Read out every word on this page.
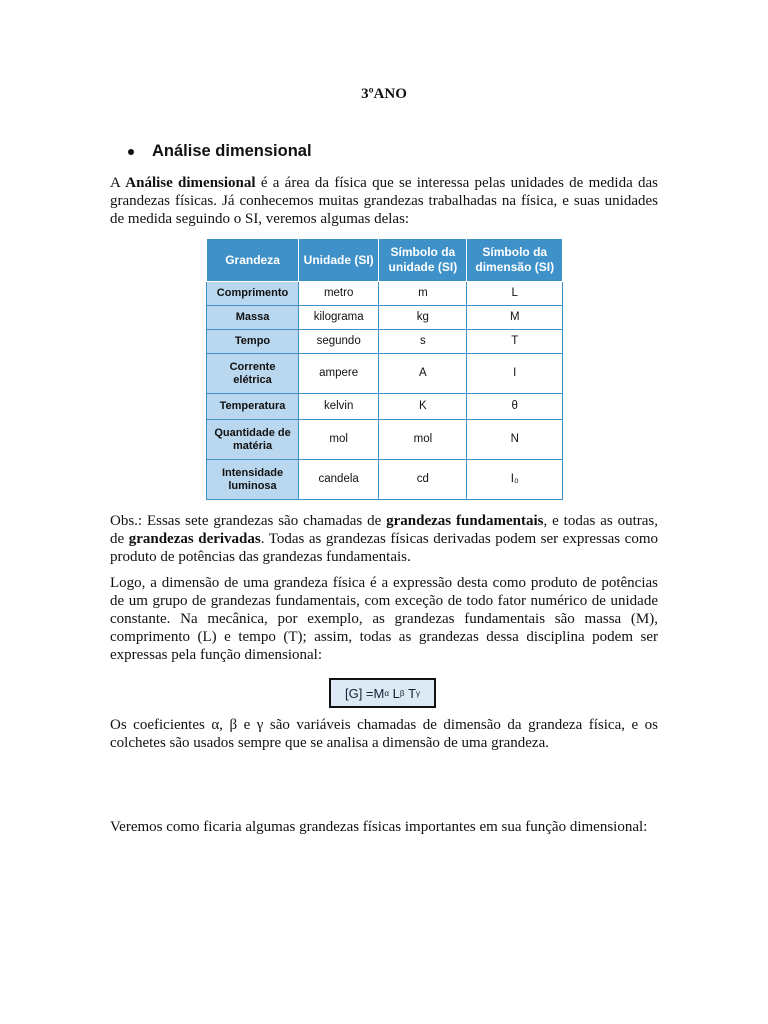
3ºANO
Análise dimensional
A Análise dimensional é a área da física que se interessa pelas unidades de medida das grandezas físicas. Já conhecemos muitas grandezas trabalhadas na física, e suas unidades de medida seguindo o SI, veremos algumas delas:
Grandeza	Unidade (SI)	Símbolo da unidade (SI)	Símbolo da dimensão (SI)
Comprimento	metro	m	L
Massa	kilograma	kg	M
Tempo	segundo	s	T
Corrente elétrica	ampere	A	I
Temperatura	kelvin	K	θ
Quantidade de matéria	mol	mol	N
Intensidade luminosa	candela	cd	I₀
Obs.: Essas sete grandezas são chamadas de grandezas fundamentais, e todas as outras, de grandezas derivadas. Todas as grandezas físicas derivadas podem ser expressas como produto de potências das grandezas fundamentais.
Logo, a dimensão de uma grandeza física é a expressão desta como produto de potências de um grupo de grandezas fundamentais, com exceção de todo fator numérico de unidade constante. Na mecânica, por exemplo, as grandezas fundamentais são massa (M), comprimento (L) e tempo (T); assim, todas as grandezas dessa disciplina podem ser expressas pela função dimensional:
[G] = M α
L β
T γ
Os coeficientes α, β e γ são variáveis chamadas de dimensão da grandeza física, e os colchetes são usados sempre que se analisa a dimensão de uma grandeza.
Veremos como ficaria algumas grandezas físicas importantes em sua função dimensional:
